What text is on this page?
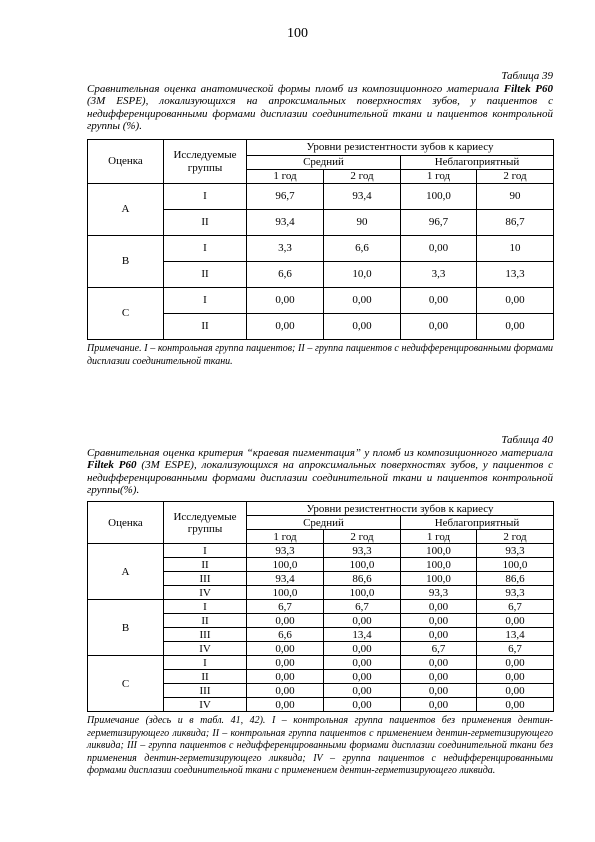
100
Таблица 39
Сравнительная оценка анатомической формы пломб из композиционного материала Filtek P60 (3M ESPE), локализующихся на апроксимальных поверхностях зубов, у пациентов с недифференцированными формами дисплазии соединительной ткани и пациентов контрольной группы (%).
Оценка	Исследуемые группы	Уровни резистентности зубов к кариесу			
		Средний		Неблагоприятный	
		1 год	2 год	1 год	2 год
A	I	96,7	93,4	100,0	90
	II	93,4	90	96,7	86,7
B	I	3,3	6,6	0,00	10
	II	6,6	10,0	3,3	13,3
C	I	0,00	0,00	0,00	0,00
	II	0,00	0,00	0,00	0,00
Примечание. I – контрольная группа пациентов; II – группа пациентов с недифференцированными формами дисплазии соединительной ткани.
Таблица 40
Сравнительная оценка критерия “краевая пигментация” у пломб из композиционного материала Filtek P60 (3M ESPE), локализующихся на апроксимальных поверхностях зубов, у пациентов с недифференцированными формами дисплазии соединительной ткани и пациентов контрольной группы(%).
Оценка	Исследуемые группы	Уровни резистентности зубов к кариесу			
		Средний		Неблагоприятный	
		1 год	2 год	1 год	2 год
A	I	93,3	93,3	100,0	93,3
	II	100,0	100,0	100,0	100,0
	III	93,4	86,6	100,0	86,6
	IV	100,0	100,0	93,3	93,3
B	I	6,7	6,7	0,00	6,7
	II	0,00	0,00	0,00	0,00
	III	6,6	13,4	0,00	13,4
	IV	0,00	0,00	6,7	6,7
C	I	0,00	0,00	0,00	0,00
	II	0,00	0,00	0,00	0,00
	III	0,00	0,00	0,00	0,00
	IV	0,00	0,00	0,00	0,00
Примечание (здесь и в табл. 41, 42). I – контрольная группа пациентов без применения дентин-герметизирующего ликвида; II – контрольная группа пациентов с применением дентин-герметизирующего ликвида; III – группа пациентов с недифференцированными формами дисплазии соединительной ткани без применения дентин-герметизирующего ликвида; IV – группа пациентов с недифференцированными формами дисплазии соединительной ткани с применением дентин-герметизирующего ликвида.
